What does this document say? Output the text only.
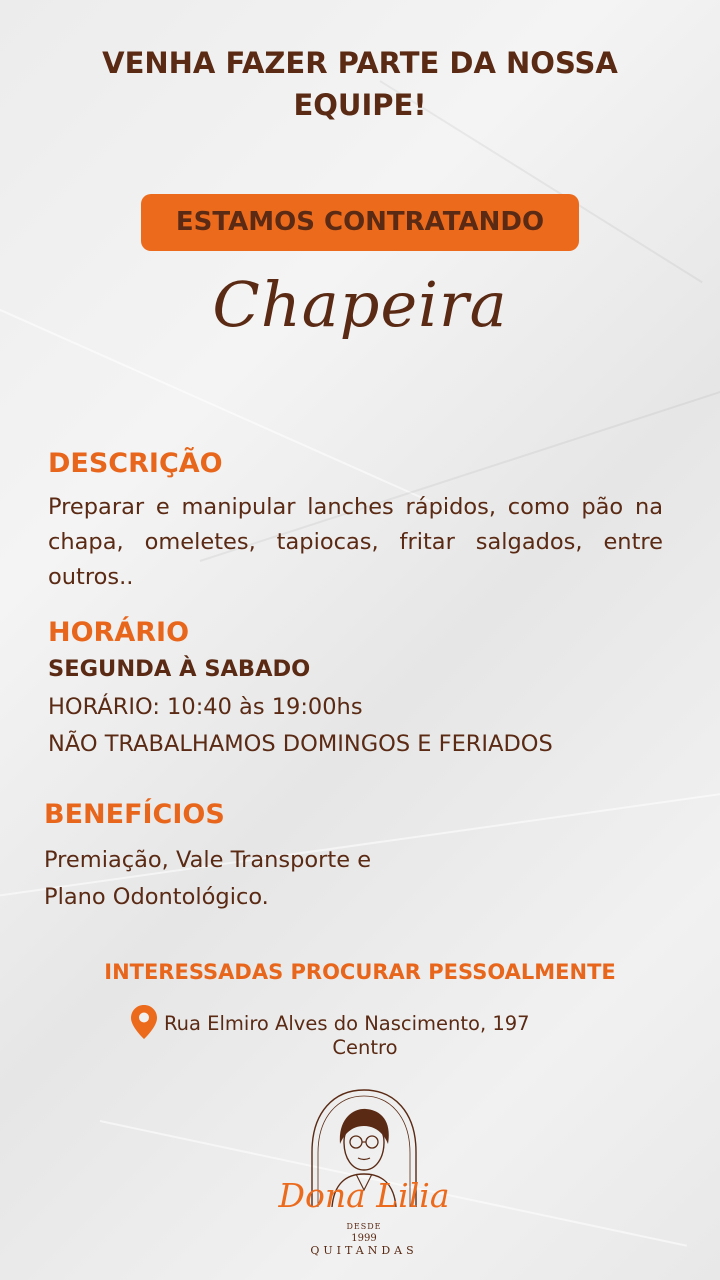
VENHA FAZER PARTE DA NOSSA
EQUIPE!
ESTAMOS CONTRATANDO
Chapeira
DESCRIÇÃO
Preparar e manipular lanches rápidos, como pão na chapa, omeletes, tapiocas, fritar salgados, entre outros..
HORÁRIO
SEGUNDA À SABADO
HORÁRIO: 10:40 às 19:00hs
NÃO TRABALHAMOS DOMINGOS E FERIADOS
BENEFÍCIOS
Premiação, Vale Transporte e
Plano Odontológico.
INTERESSADAS PROCURAR PESSOALMENTE
Rua Elmiro Alves do Nascimento, 197
Centro
Dona Lilia
DESDE
1999
QUITANDAS
